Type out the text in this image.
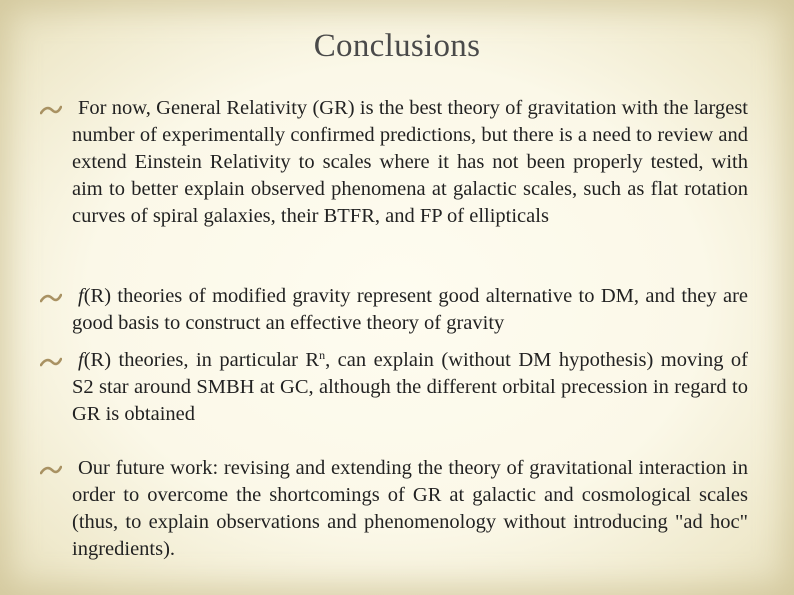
Conclusions
For now, General Relativity (GR) is the best theory of gravitation with the largest number of experimentally confirmed predictions, but there is a need to review and extend Einstein Relativity to scales where it has not been properly tested, with aim to better explain observed phenomena at galactic scales, such as flat rotation curves of spiral galaxies, their BTFR, and FP of ellipticals
f(R) theories of modified gravity represent good alternative to DM, and they are good basis to construct an effective theory of gravity
f(R) theories, in particular $R^n$, can explain (without DM hypothesis) moving of S2 star around SMBH at GC, although the different orbital precession in regard to GR is obtained
Our future work: revising and extending the theory of gravitational interaction in order to overcome the shortcomings of GR at galactic and cosmological scales (thus, to explain observations and phenomenology without introducing "ad hoc" ingredients).
